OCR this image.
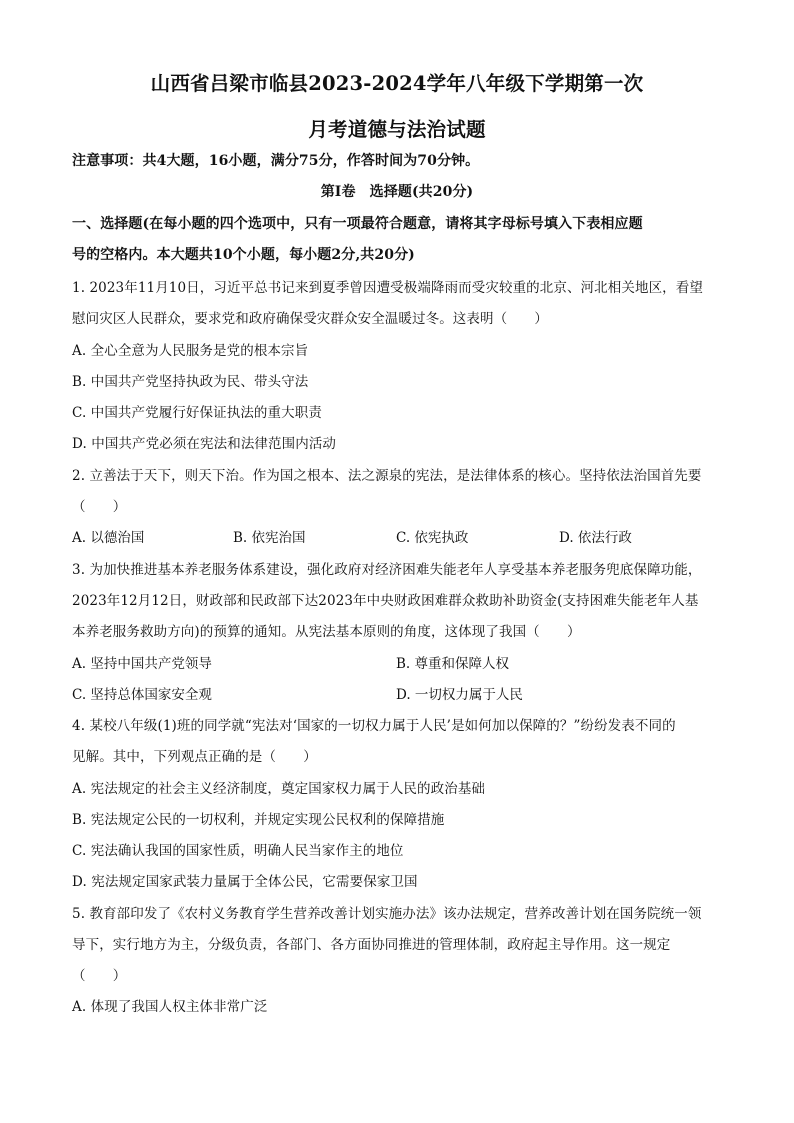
山西省吕梁市临县2023-2024学年八年级下学期第一次
月考道德与法治试题
注意事项：共4大题，16小题，满分75分，作答时间为70分钟。
第Ⅰ卷　选择题(共20分)
一、选择题(在每小题的四个选项中，只有一项最符合题意，请将其字母标号填入下表相应题
号的空格内。本大题共10个小题，每小题2分,共20分)
1. 2023年11月10日，习近平总书记来到夏季曾因遭受极端降雨而受灾较重的北京、河北相关地区，看望
慰问灾区人民群众，要求党和政府确保受灾群众安全温暖过冬。这表明（　　）
A. 全心全意为人民服务是党的根本宗旨
B. 中国共产党坚持执政为民、带头守法
C. 中国共产党履行好保证执法的重大职责
D. 中国共产党必须在宪法和法律范围内活动
2. 立善法于天下，则天下治。作为国之根本、法之源泉的宪法，是法律体系的核心。坚持依法治国首先要
（　　）
A. 以德治国	B. 依宪治国	C. 依宪执政	D. 依法行政
3. 为加快推进基本养老服务体系建设，强化政府对经济困难失能老年人享受基本养老服务兜底保障功能，
2023年12月12日，财政部和民政部下达2023年中央财政困难群众救助补助资金(支持困难失能老年人基
本养老服务救助方向)的预算的通知。从宪法基本原则的角度，这体现了我国（　　）
A. 坚持中国共产党领导	B. 尊重和保障人权
C. 坚持总体国家安全观	D. 一切权力属于人民
4. 某校八年级(1)班的同学就“宪法对‘国家的一切权力属于人民’是如何加以保障的？”纷纷发表不同的
见解。其中，下列观点正确的是（　　）
A. 宪法规定的社会主义经济制度，奠定国家权力属于人民的政治基础
B. 宪法规定公民的一切权利，并规定实现公民权利的保障措施
C. 宪法确认我国的国家性质，明确人民当家作主的地位
D. 宪法规定国家武装力量属于全体公民，它需要保家卫国
5. 教育部印发了《农村义务教育学生营养改善计划实施办法》该办法规定，营养改善计划在国务院统一领
导下，实行地方为主，分级负责，各部门、各方面协同推进的管理体制，政府起主导作用。这一规定
（　　）
A. 体现了我国人权主体非常广泛
